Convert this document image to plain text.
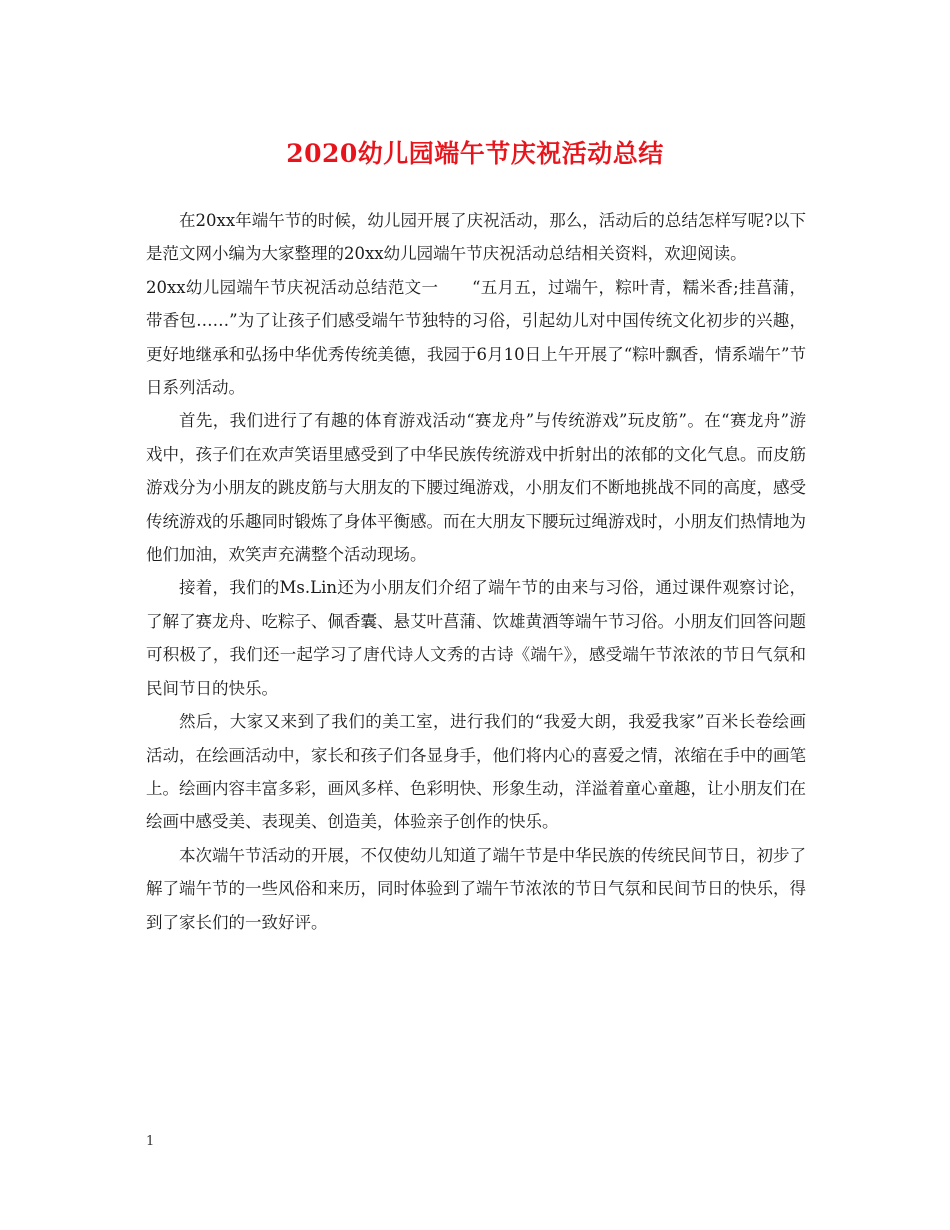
2020幼儿园端午节庆祝活动总结

在20xx年端午节的时候，幼儿园开展了庆祝活动，那么，活动后的总结怎样写呢?以下是范文网小编为大家整理的20xx幼儿园端午节庆祝活动总结相关资料，欢迎阅读。

20xx幼儿园端午节庆祝活动总结范文一　　“五月五，过端午，粽叶青，糯米香;挂菖蒲，带香包……”为了让孩子们感受端午节独特的习俗，引起幼儿对中国传统文化初步的兴趣，更好地继承和弘扬中华优秀传统美德，我园于6月10日上午开展了“粽叶飘香，情系端午”节日系列活动。

首先，我们进行了有趣的体育游戏活动“赛龙舟”与传统游戏”玩皮筋”。在“赛龙舟”游戏中，孩子们在欢声笑语里感受到了中华民族传统游戏中折射出的浓郁的文化气息。而皮筋游戏分为小朋友的跳皮筋与大朋友的下腰过绳游戏，小朋友们不断地挑战不同的高度，感受传统游戏的乐趣同时锻炼了身体平衡感。而在大朋友下腰玩过绳游戏时，小朋友们热情地为他们加油，欢笑声充满整个活动现场。

接着，我们的Ms.Lin还为小朋友们介绍了端午节的由来与习俗，通过课件观察讨论，了解了赛龙舟、吃粽子、佩香囊、悬艾叶菖蒲、饮雄黄酒等端午节习俗。小朋友们回答问题可积极了，我们还一起学习了唐代诗人文秀的古诗《端午》，感受端午节浓浓的节日气氛和民间节日的快乐。

然后，大家又来到了我们的美工室，进行我们的“我爱大朗，我爱我家”百米长卷绘画活动，在绘画活动中，家长和孩子们各显身手，他们将内心的喜爱之情，浓缩在手中的画笔上。绘画内容丰富多彩，画风多样、色彩明快、形象生动，洋溢着童心童趣，让小朋友们在绘画中感受美、表现美、创造美，体验亲子创作的快乐。

本次端午节活动的开展，不仅使幼儿知道了端午节是中华民族的传统民间节日，初步了解了端午节的一些风俗和来历，同时体验到了端午节浓浓的节日气氛和民间节日的快乐，得到了家长们的一致好评。

1
